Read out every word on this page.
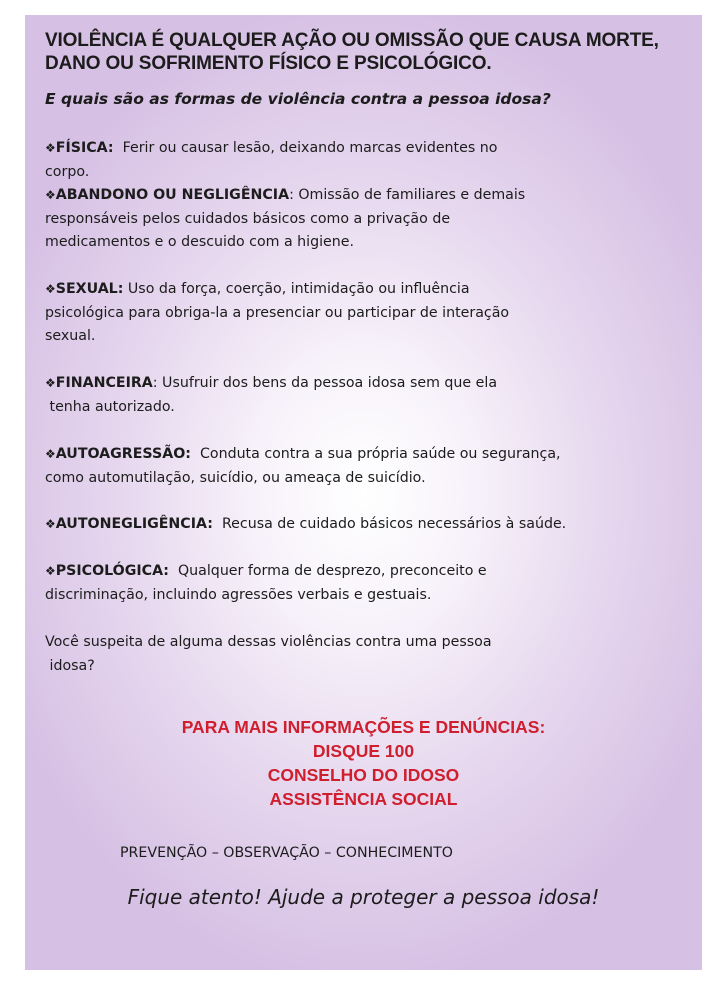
VIOLÊNCIA É QUALQUER AÇÃO OU OMISSÃO QUE CAUSA MORTE, DANO OU SOFRIMENTO FÍSICO E PSICOLÓGICO.
E quais são as formas de violência contra a pessoa idosa?
❖FÍSICA: Ferir ou causar lesão, deixando marcas evidentes no
corpo.
❖ABANDONO OU NEGLIGÊNCIA: Omissão de familiares e demais
responsáveis pelos cuidados básicos como a privação de
medicamentos e o descuido com a higiene.
❖SEXUAL: Uso da força, coerção, intimidação ou influência
psicológica para obriga-la a presenciar ou participar de interação
sexual.
❖FINANCEIRA: Usufruir dos bens da pessoa idosa sem que ela
tenha autorizado.
❖AUTOAGRESSÃO: Conduta contra a sua própria saúde ou segurança,
como automutilação, suicídio, ou ameaça de suicídio.
❖AUTONEGLIGÊNCIA: Recusa de cuidado básicos necessários à saúde.
❖PSICOLÓGICA: Qualquer forma de desprezo, preconceito e
discriminação, incluindo agressões verbais e gestuais.
Você suspeita de alguma dessas violências contra uma pessoa
idosa?
PARA MAIS INFORMAÇÕES E DENÚNCIAS:
DISQUE 100
CONSELHO DO IDOSO
ASSISTÊNCIA SOCIAL
PREVENÇÃO – OBSERVAÇÃO – CONHECIMENTO
Fique atento! Ajude a proteger a pessoa idosa!
